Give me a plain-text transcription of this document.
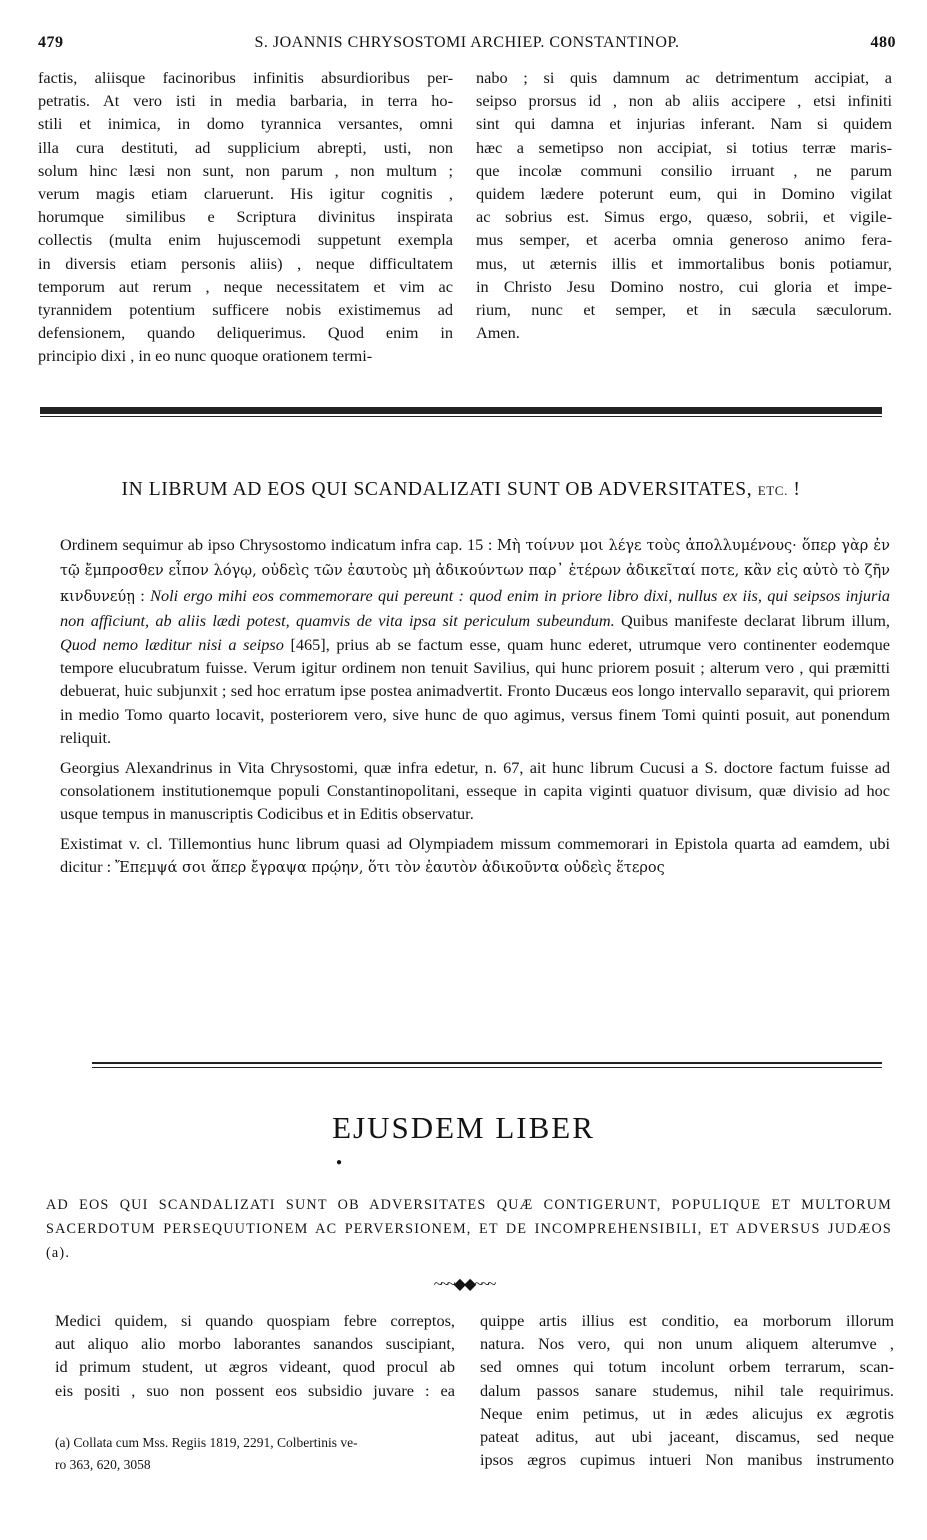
479	S. JOANNIS CHRYSOSTOMI ARCHIEP. CONSTANTINOP.	480
factis, aliisque facinoribus infinitis absurdioribus per-
petratis. At vero isti in media barbaria, in terra ho-
stili et inimica, in domo tyrannica versantes, omni
illa cura destituti, ad supplicium abrepti, usti, non
solum hinc læsi non sunt, non parum , non multum ;
verum magis etiam claruerunt. His igitur cognitis ,
horumque similibus e Scriptura divinitus inspirata
collectis (multa enim hujuscemodi suppetunt exempla
in diversis etiam personis aliis) , neque difficultatem
temporum aut rerum , neque necessitatem et vim ac
tyrannidem potentium sufficere nobis existimemus ad
defensionem, quando deliquerimus. Quod enim in
principio dixi , in eo nunc quoque orationem termi-
nabo ; si quis damnum ac detrimentum accipiat, a
seipso prorsus id , non ab aliis accipere , etsi infiniti
sint qui damna et injurias inferant. Nam si quidem
hæc a semetipso non accipiat, si totius terræ maris-
que incolæ communi consilio irruant , ne parum
quidem lædere poterunt eum, qui in Domino vigilat
ac sobrius est. Simus ergo, quæso, sobrii, et vigile-
mus semper, et acerba omnia generoso animo fera-
mus, ut æternis illis et immortalibus bonis potiamur,
in Christo Jesu Domino nostro, cui gloria et impe-
rium, nunc et semper, et in sæcula sæculorum.
Amen.
IN LIBRUM AD EOS QUI SCANDALIZATI SUNT OB ADVERSITATES, ETC. !

Ordinem sequimur ab ipso Chrysostomo indicatum infra cap. 15 : Μὴ τοίνυν μοι λέγε τοὺς ἀπολλυμένους· ὅπερ γὰρ ἐν τῷ ἔμπροσθεν εἶπον λόγῳ, οὐδεὶς τῶν ἑαυτοὺς μὴ ἀδικούντων παρ᾽ ἑτέρων ἀδικεῖταί ποτε, κἂν εἰς αὐτὸ τὸ ζῆν κινδυνεύῃ : Noli ergo mihi eos commemorare qui pereunt : quod enim in priore libro dixi, nullus ex iis, qui seipsos injuria non afficiunt, ab aliis lædi potest, quamvis de vita ipsa sit periculum subeundum. Quibus manifeste declarat librum illum, Quod nemo læditur nisi a seipso [465], prius ab se factum esse, quam hunc ederet, utrumque vero continenter eodemque tempore elucubratum fuisse. Verum igitur ordinem non tenuit Savilius, qui hunc priorem posuit ; alterum vero , qui præmitti debuerat, huic subjunxit ; sed hoc erratum ipse postea animadvertit. Fronto Ducæus eos longo intervallo separavit, qui priorem in medio Tomo quarto locavit, posteriorem vero, sive hunc de quo agimus, versus finem Tomi quinti posuit, aut ponendum reliquit.

Georgius Alexandrinus in Vita Chrysostomi, quæ infra edetur, n. 67, ait hunc librum Cucusi a S. doctore factum fuisse ad consolationem institutionemque populi Constantinopolitani, esseque in capita viginti quatuor divisum, quæ divisio ad hoc usque tempus in manuscriptis Codicibus et in Editis observatur.

Existimat v. cl. Tillemontius hunc librum quasi ad Olympiadem missum commemorari in Epistola quarta ad eamdem, ubi dicitur : Ἔπεμψά σοι ἅπερ ἔγραψα πρῴην, ὅτι τὸν ἑαυτὸν ἀδικοῦντα οὐδεὶς ἕτερος

EJUSDEM LIBER
●
AD EOS QUI SCANDALIZATI SUNT OB ADVERSITATES QUÆ CONTIGERUNT, POPULIQUE ET MULTORUM SACERDOTUM PERSEQUUTIONEM AC PERVERSIONEM, ET DE INCOMPREHENSIBILI, ET ADVERSUS JUDÆOS (a).
~~~◆◆~~~
Medici quidem, si quando quospiam febre correptos,
aut aliquo alio morbo laborantes sanandos suscipiant,
id primum student, ut ægros videant, quod procul ab
eis positi , suo non possent eos subsidio juvare : ea
quippe artis illius est conditio, ea morborum illorum
natura. Nos vero, qui non unum aliquem alterumve ,
sed omnes qui totum incolunt orbem terrarum, scan-
dalum passos sanare studemus, nihil tale requirimus.
Neque enim petimus, ut in ædes alicujus ex ægrotis
pateat aditus, aut ubi jaceant, discamus, sed neque
ipsos ægros cupimus intueri Non manibus instrumento
(a) Collata cum Mss. Regiis 1819, 2291, Colbertinis ve-
ro 363, 620, 3058
